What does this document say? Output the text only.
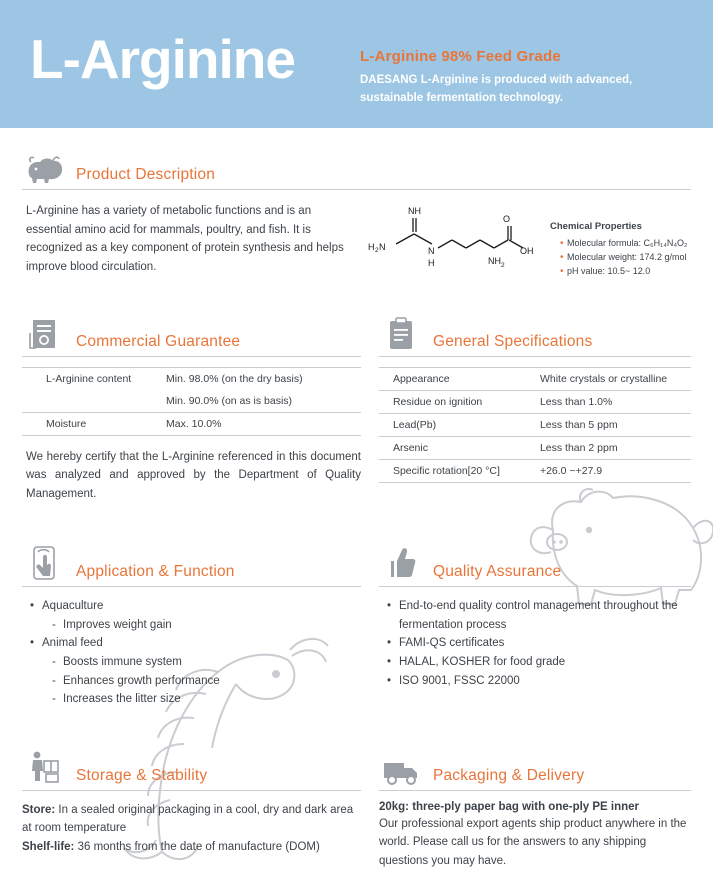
L-Arginine	L-Arginine 98% Feed Grade
DAESANG L-Arginine is produced with advanced, sustainable fermentation technology.
Product Description
L-Arginine has a variety of metabolic functions and is an essential amino acid for mammals, poultry, and fish. It is recognized as a key component of protein synthesis and helps improve blood circulation.
NH
H 2 N	N
H	NH 2
O
OH
Chemical Properties
• Molecular formula: C₆H₁₄N₄O₂
• Molecular weight: 174.2 g/mol
• pH value: 10.5~ 12.0
Commercial Guarantee
L-Arginine content	Min. 98.0% (on the dry basis)
	Min. 90.0% (on as is basis)
Moisture	Max. 10.0%
We hereby certify that the L-Arginine referenced in this document was analyzed and approved by the Department of Quality Management.
General Specifications
Appearance	White crystals or crystalline
Residue on ignition	Less than 1.0%
Lead(Pb)	Less than 5 ppm
Arsenic	Less than 2 ppm
Specific rotation[20 °C]	+26.0 ~+27.9
Application & Function
• Aquaculture
- Improves weight gain
• Animal feed
- Boosts immune system
- Enhances growth performance
- Increases the litter size
Quality Assurance
• End-to-end quality control management throughout the fermentation process
• FAMI-QS certificates
• HALAL, KOSHER for food grade
• ISO 9001, FSSC 22000
Storage & Stability
Store: In a sealed original packaging in a cool, dry and dark area at room temperature
Shelf-life: 36 months from the date of manufacture (DOM)
Packaging & Delivery
20kg: three-ply paper bag with one-ply PE inner
Our professional export agents ship product anywhere in the world. Please call us for the answers to any shipping questions you may have.
